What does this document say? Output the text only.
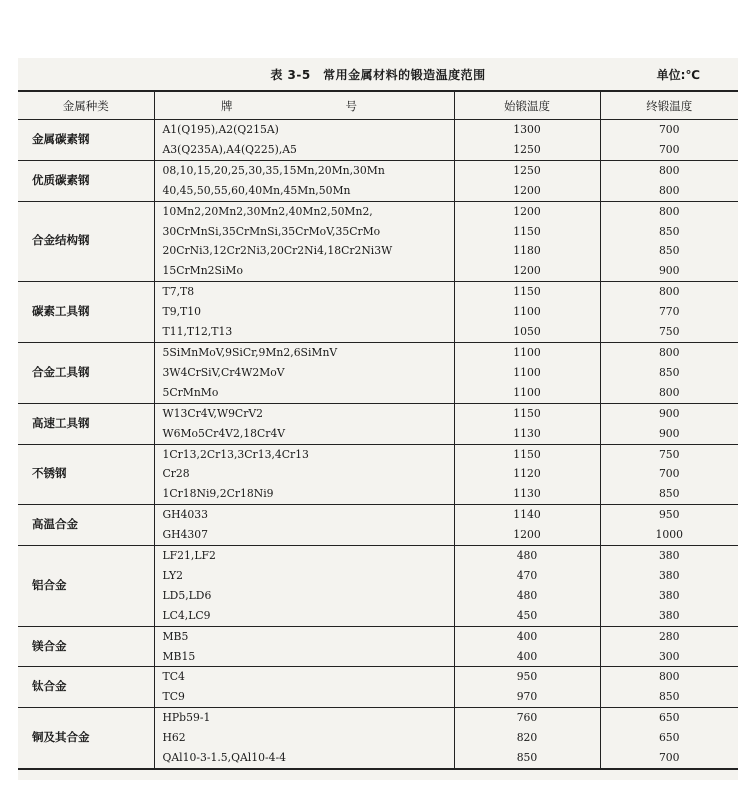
表 3-5　常用金属材料的锻造温度范围	单位:℃
金属种类	牌　　号	始锻温度	终锻温度
金属碳素钢	A1(Q195),A2(Q215A)	1300	700
	A3(Q235A),A4(Q225),A5	1250	700
优质碳素钢	08,10,15,20,25,30,35,15Mn,20Mn,30Mn	1250	800
	40,45,50,55,60,40Mn,45Mn,50Mn	1200	800
合金结构钢	10Mn2,20Mn2,30Mn2,40Mn2,50Mn2,	1200	800
	30CrMnSi,35CrMnSi,35CrMoV,35CrMo	1150	850
	20CrNi3,12Cr2Ni3,20Cr2Ni4,18Cr2Ni3W	1180	850
	15CrMn2SiMo	1200	900
碳素工具钢	T7,T8	1150	800
	T9,T10	1100	770
	T11,T12,T13	1050	750
合金工具钢	5SiMnMoV,9SiCr,9Mn2,6SiMnV	1100	800
	3W4CrSiV,Cr4W2MoV	1100	850
	5CrMnMo	1100	800
高速工具钢	W13Cr4V,W9CrV2	1150	900
	W6Mo5Cr4V2,18Cr4V	1130	900
不锈钢	1Cr13,2Cr13,3Cr13,4Cr13	1150	750
	Cr28	1120	700
	1Cr18Ni9,2Cr18Ni9	1130	850
高温合金	GH4033	1140	950
	GH4307	1200	1000
铝合金	LF21,LF2	480	380
	LY2	470	380
	LD5,LD6	480	380
	LC4,LC9	450	380
镁合金	MB5	400	280
	MB15	400	300
钛合金	TC4	950	800
	TC9	970	850
铜及其合金	HPb59-1	760	650
	H62	820	650
	QAl10-3-1.5,QAl10-4-4	850	700
